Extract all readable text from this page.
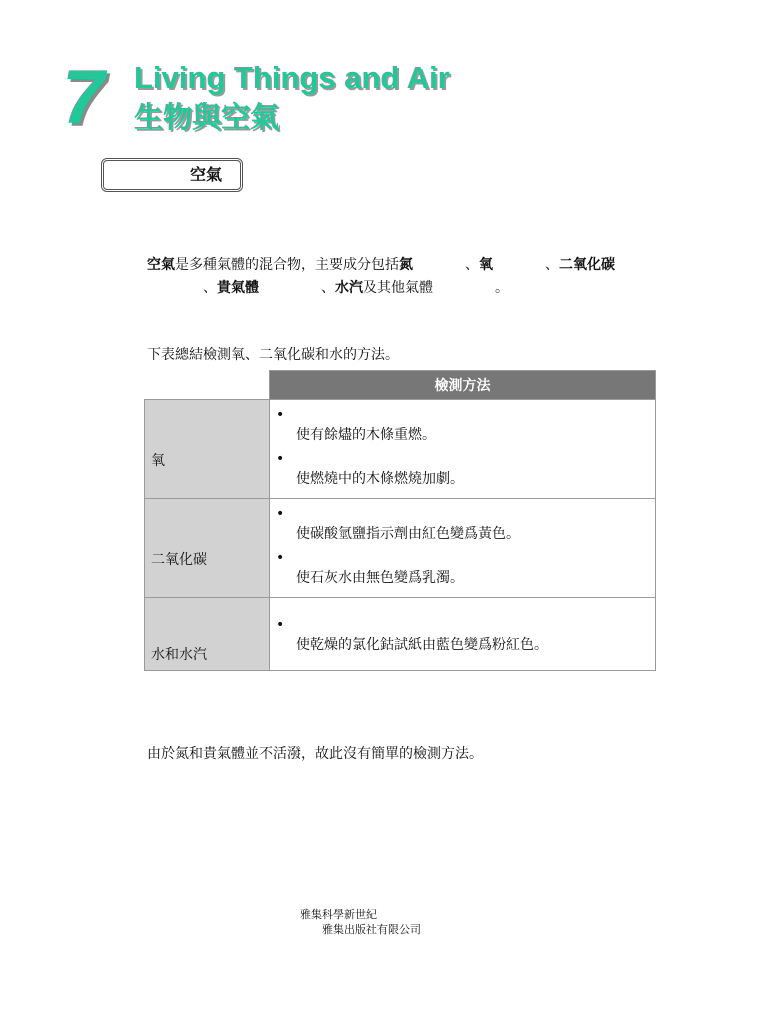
7 Living Things and Air
生物與空氣
空氣
空氣是多種氣體的混合物，主要成分包括氮	、氧	、二氧化碳
、貴氣體	、水汽及其他氣體	。
下表總結檢測氧、二氧化碳和水的方法。
	檢測方法

氧	•
使有餘燼的木條重燃。
•
使燃燒中的木條燃燒加劇。

二氧化碳	•
使碳酸氫鹽指示劑由紅色變爲黃色。
•
使石灰水由無色變爲乳濁。

水和水汽	•
使乾燥的氯化鈷試紙由藍色變爲粉紅色。
由於氮和貴氣體並不活潑，故此沒有簡單的檢測方法。
雅集科學新世紀
雅集出版社有限公司
